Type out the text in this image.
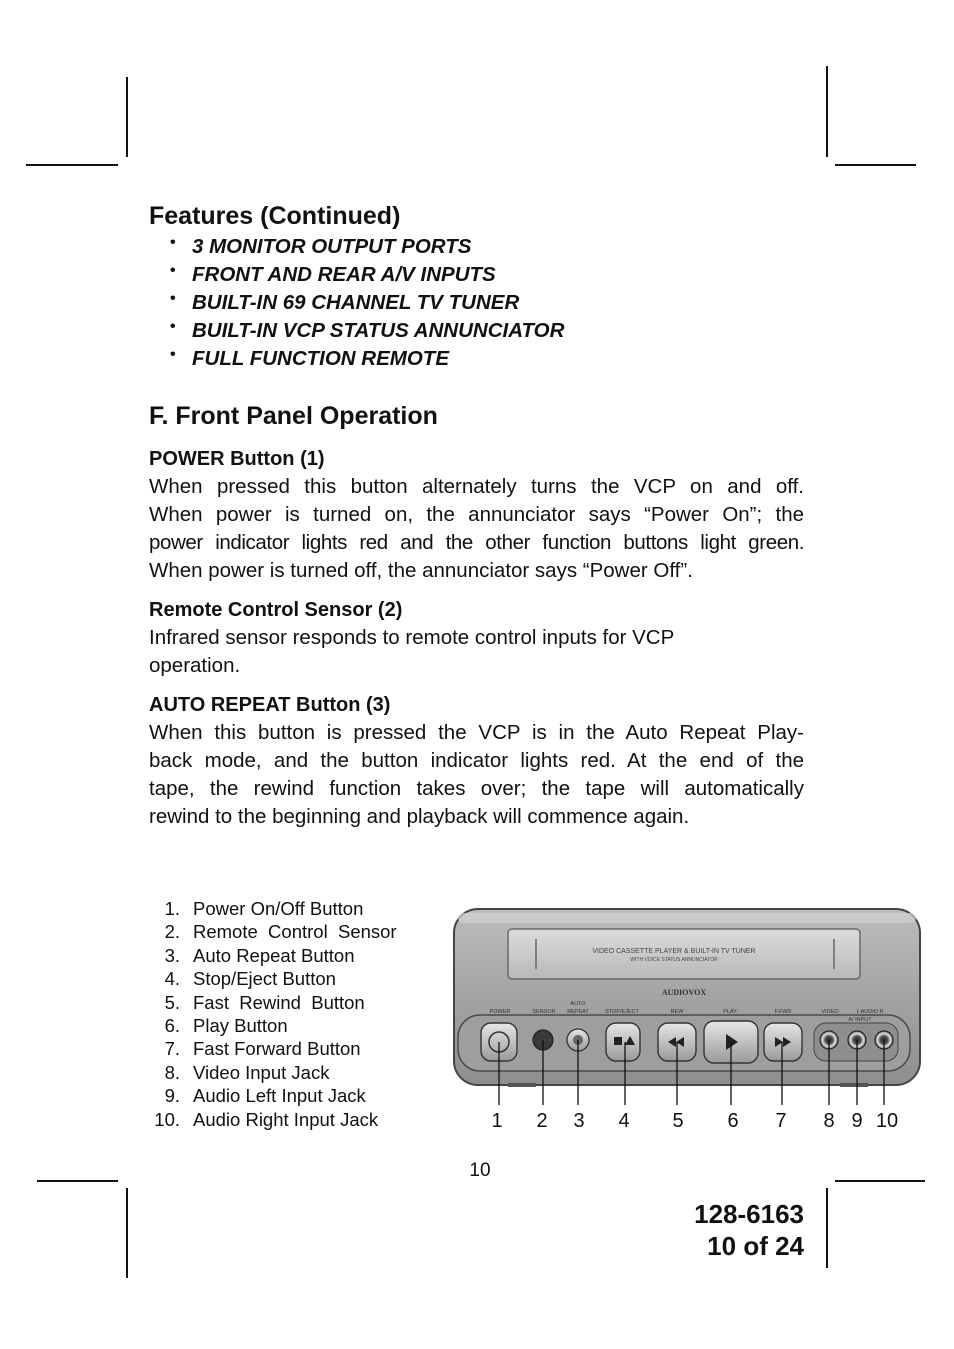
Features (Continued)
• 3 MONITOR OUTPUT PORTS
• FRONT AND REAR A/V INPUTS
• BUILT-IN 69 CHANNEL TV TUNER
• BUILT-IN VCP STATUS ANNUNCIATOR
• FULL FUNCTION REMOTE
F. Front Panel Operation
POWER Button (1)

When pressed this button alternately turns the VCP on and off.

When power is turned on, the annunciator says “Power On”; the

power indicator lights red and the other function buttons light green.

When power is turned off, the annunciator says “Power Off”.

Remote Control Sensor (2)

Infrared sensor responds to remote control inputs for VCP

operation.

AUTO REPEAT Button (3)

When this button is pressed the VCP is in the Auto Repeat Play-

back mode, and the button indicator lights red. At the end of the

tape, the rewind function takes over; the tape will automatically

rewind to the beginning and playback will commence again.

1. Power On/Off Button
2. Remote  Control  Sensor
3. Auto Repeat Button
4. Stop/Eject Button
5. Fast  Rewind  Button
6. Play Button
7. Fast Forward Button
8. Video Input Jack
9. Audio Left Input Jack
10. Audio Right Input Jack
VIDEO CASSETTE PLAYER & BUILT-IN TV TUNER
WITH VOICE STATUS ANNUNCIATOR
AUDIOVOX
POWER	SENSOR
AUTO
REPEAT	STOP/EJECT	REW	PLAY	F.FWD	VIDEO	L AUDIO R
A/ INPUT
1 2 3 4 5 6 7 8 9 10
10
128-6163
10 of 24
